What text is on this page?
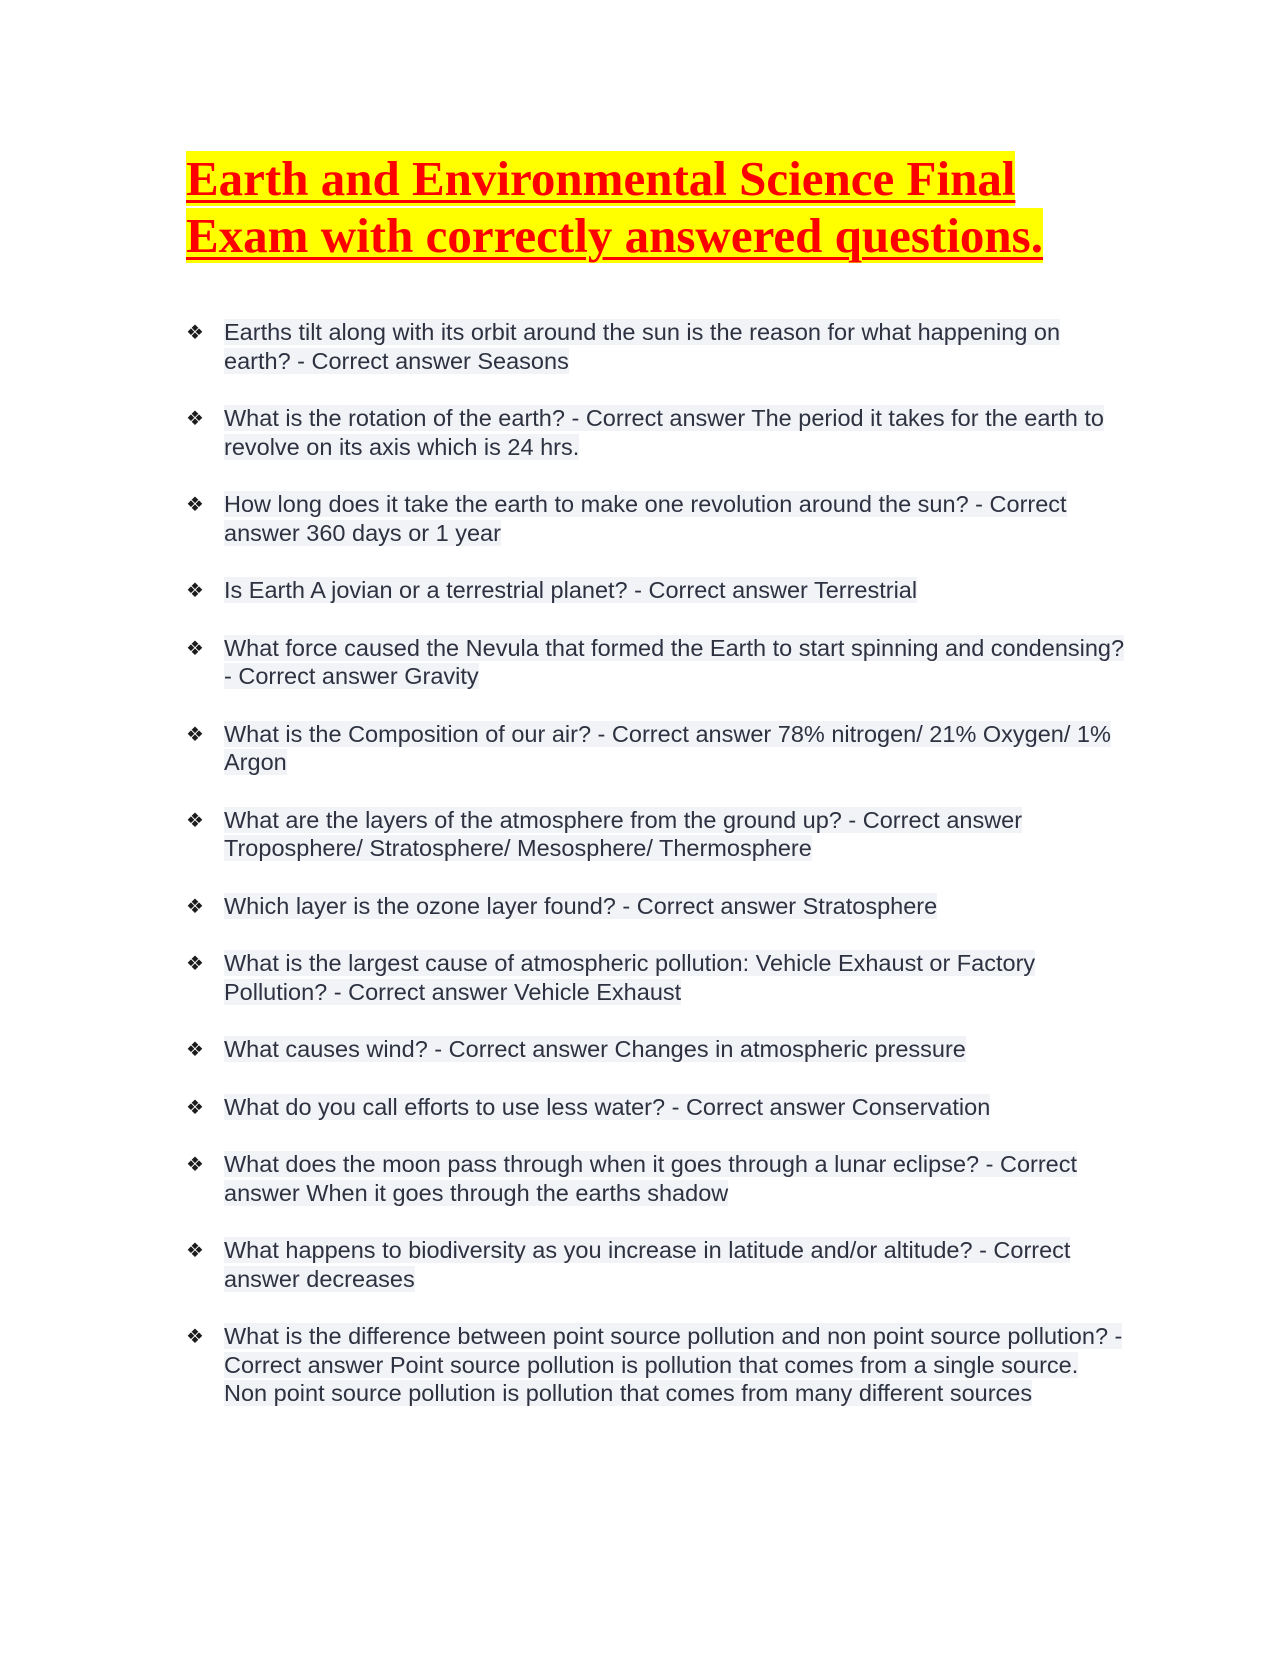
Earth and Environmental Science Final Exam with correctly answered questions.
❖ Earths tilt along with its orbit around the sun is the reason for what happening on earth? - Correct answer Seasons
❖ What is the rotation of the earth? - Correct answer The period it takes for the earth to revolve on its axis which is 24 hrs.
❖ How long does it take the earth to make one revolution around the sun? - Correct answer 360 days or 1 year
❖ Is Earth A jovian or a terrestrial planet? - Correct answer Terrestrial
❖ What force caused the Nevula that formed the Earth to start spinning and condensing? - Correct answer Gravity
❖ What is the Composition of our air? - Correct answer 78% nitrogen/ 21% Oxygen/ 1% Argon
❖ What are the layers of the atmosphere from the ground up? - Correct answer Troposphere/ Stratosphere/ Mesosphere/ Thermosphere
❖ Which layer is the ozone layer found? - Correct answer Stratosphere
❖ What is the largest cause of atmospheric pollution: Vehicle Exhaust or Factory Pollution? - Correct answer Vehicle Exhaust
❖ What causes wind? - Correct answer Changes in atmospheric pressure
❖ What do you call efforts to use less water? - Correct answer Conservation
❖ What does the moon pass through when it goes through a lunar eclipse? - Correct answer When it goes through the earths shadow
❖ What happens to biodiversity as you increase in latitude and/or altitude? - Correct answer decreases
❖ What is the difference between point source pollution and non point source pollution? - Correct answer Point source pollution is pollution that comes from a single source. Non point source pollution is pollution that comes from many different sources
